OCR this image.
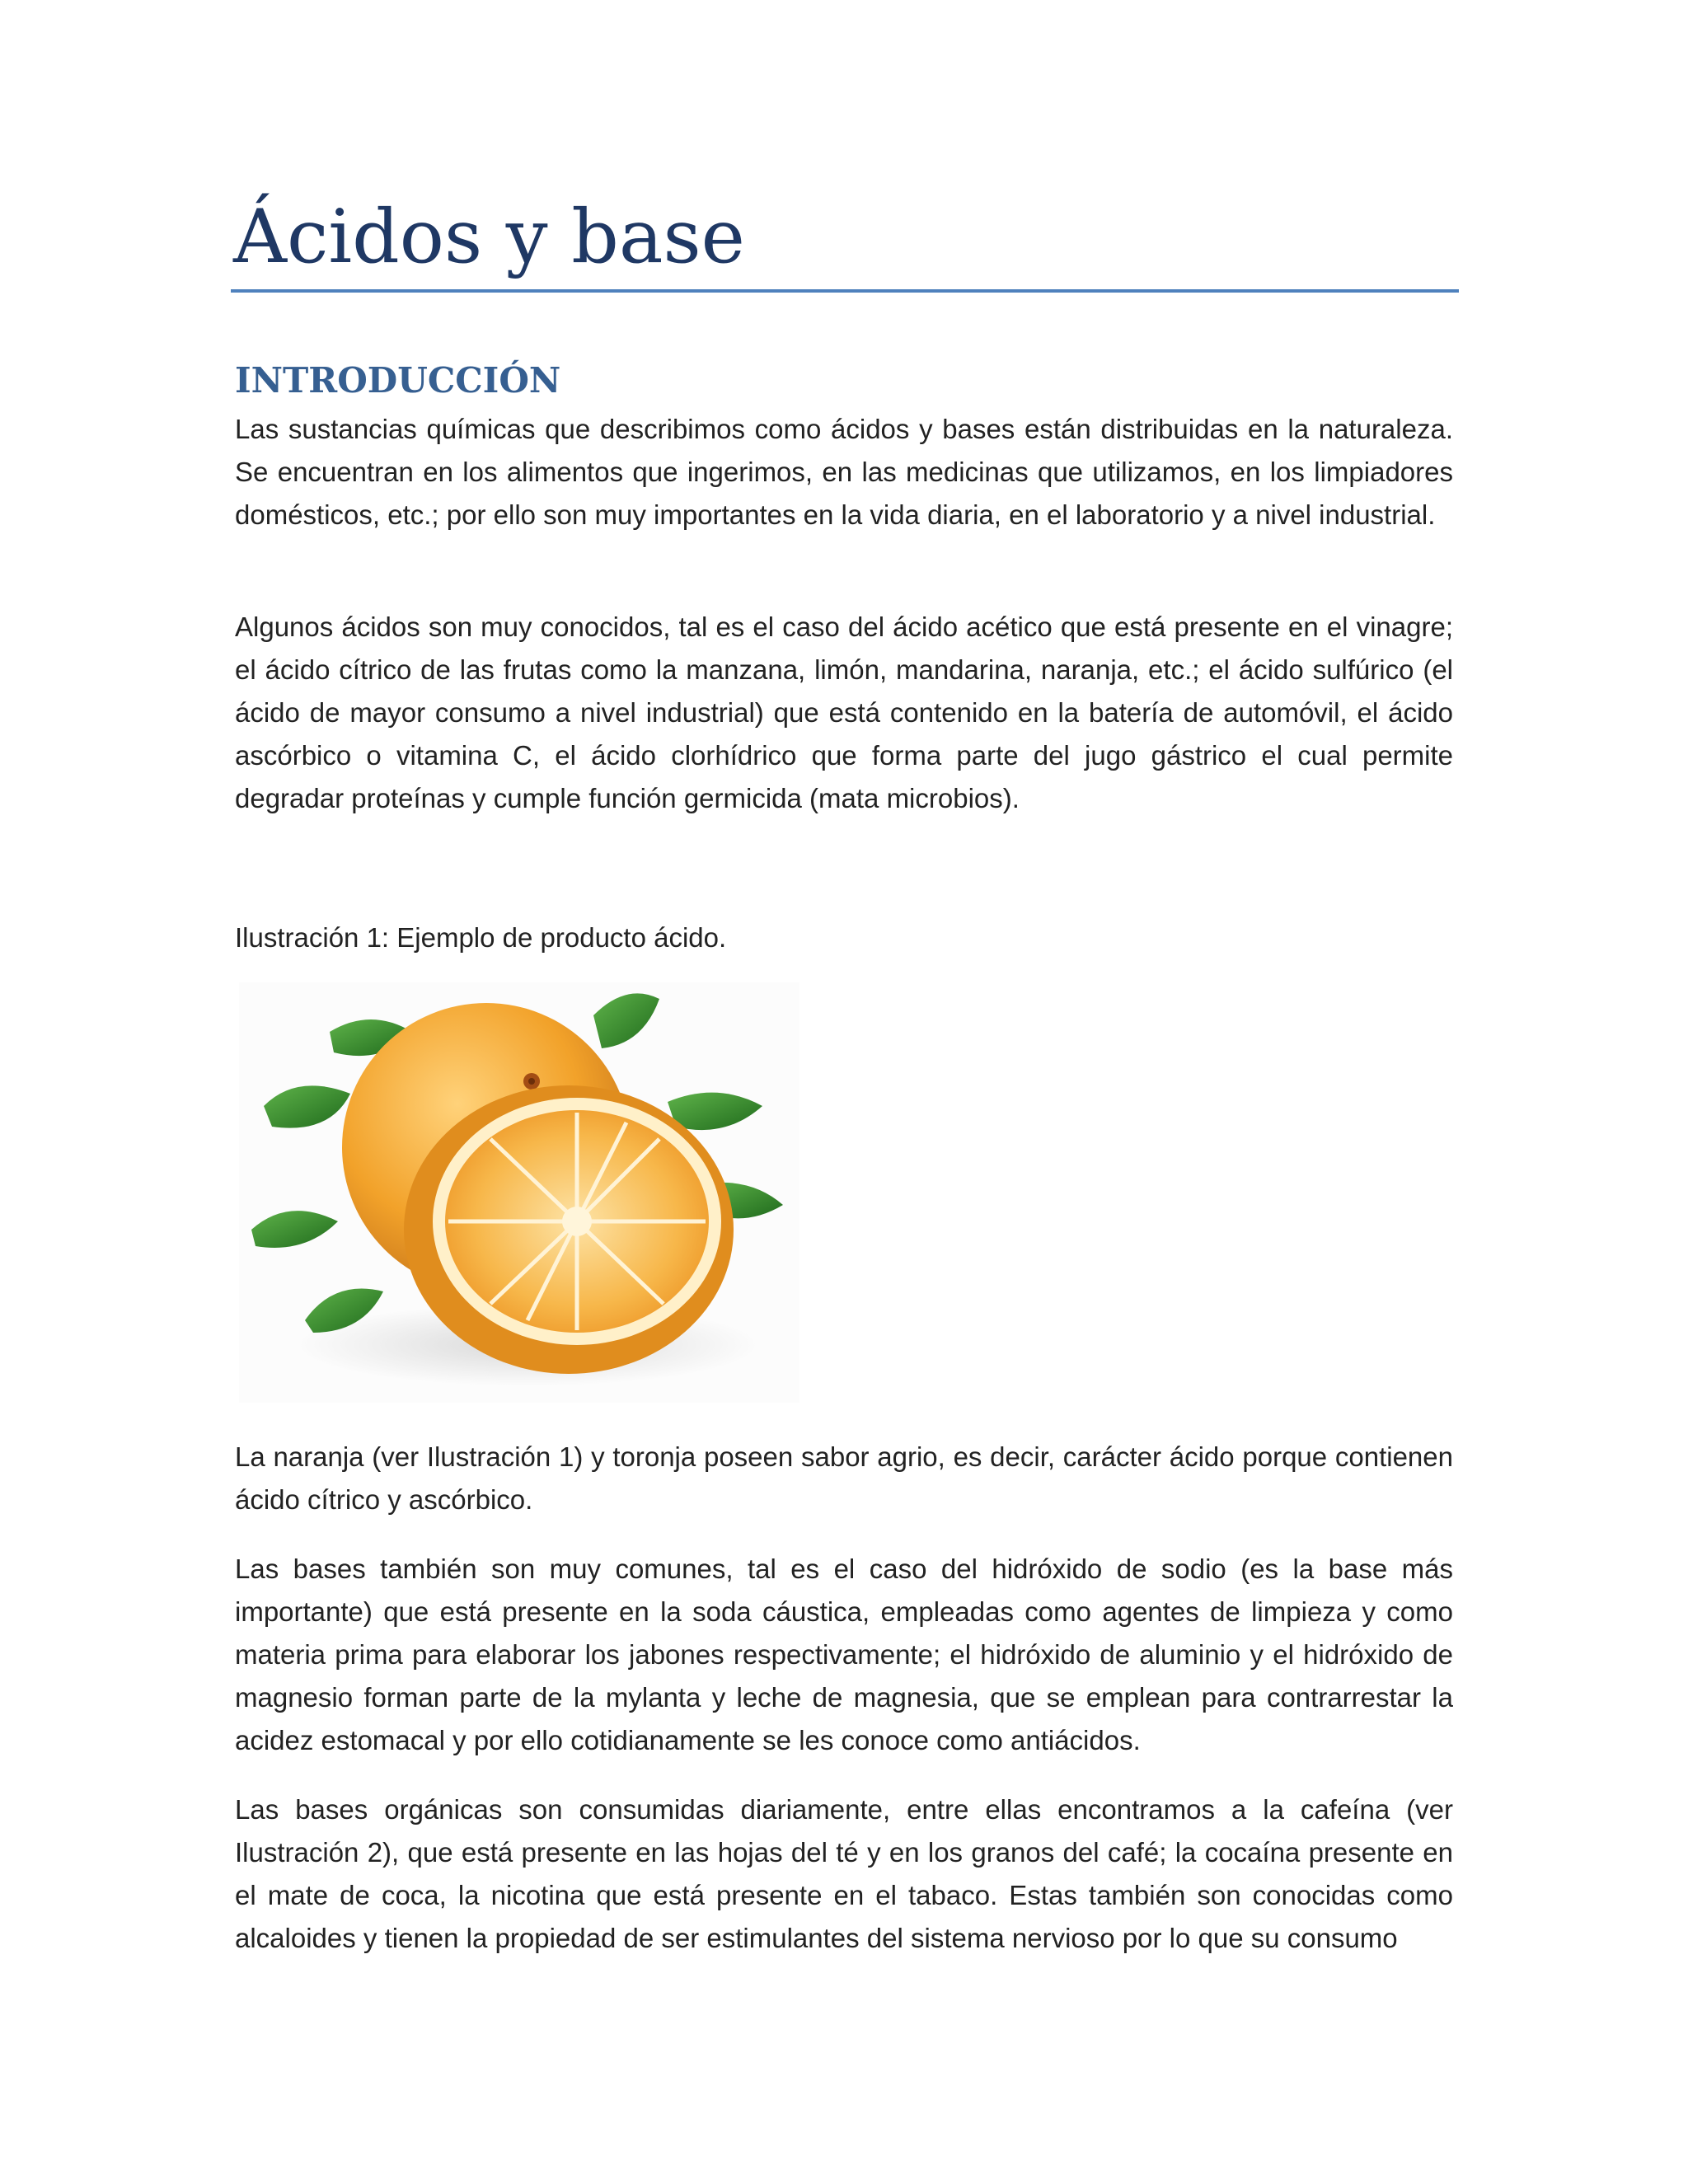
Ácidos y base
INTRODUCCIÓN

Las sustancias químicas que describimos como ácidos y bases están distribuidas en la naturaleza. Se encuentran en los alimentos que ingerimos, en las medicinas que utilizamos, en los limpiadores domésticos, etc.; por ello son muy importantes en la vida diaria, en el laboratorio y a nivel industrial.

Algunos ácidos son muy conocidos, tal es el caso del ácido acético que está presente en el vinagre; el ácido cítrico de las frutas como la manzana, limón, mandarina, naranja, etc.; el ácido sulfúrico (el ácido de mayor consumo a nivel industrial) que está contenido en la batería de automóvil, el ácido ascórbico o vitamina C, el ácido clorhídrico que forma parte del jugo gástrico el cual permite degradar proteínas y cumple función germicida (mata microbios).

Ilustración 1: Ejemplo de producto ácido.

La naranja (ver Ilustración 1) y toronja poseen sabor agrio, es decir, carácter ácido porque contienen ácido cítrico y ascórbico.

Las bases también son muy comunes, tal es el caso del hidróxido de sodio (es la base más importante) que está presente en la soda cáustica, empleadas como agentes de limpieza y como materia prima para elaborar los jabones respectivamente; el hidróxido de aluminio y el hidróxido de magnesio forman parte de la mylanta y leche de magnesia, que se emplean para contrarrestar la acidez estomacal y por ello cotidianamente se les conoce como antiácidos.

Las bases orgánicas son consumidas diariamente, entre ellas encontramos a la cafeína (ver Ilustración 2), que está presente en las hojas del té y en los granos del café; la cocaína presente en el mate de coca, la nicotina que está presente en el tabaco. Estas también son conocidas como alcaloides y tienen la propiedad de ser estimulantes del sistema nervioso por lo que su consumo
